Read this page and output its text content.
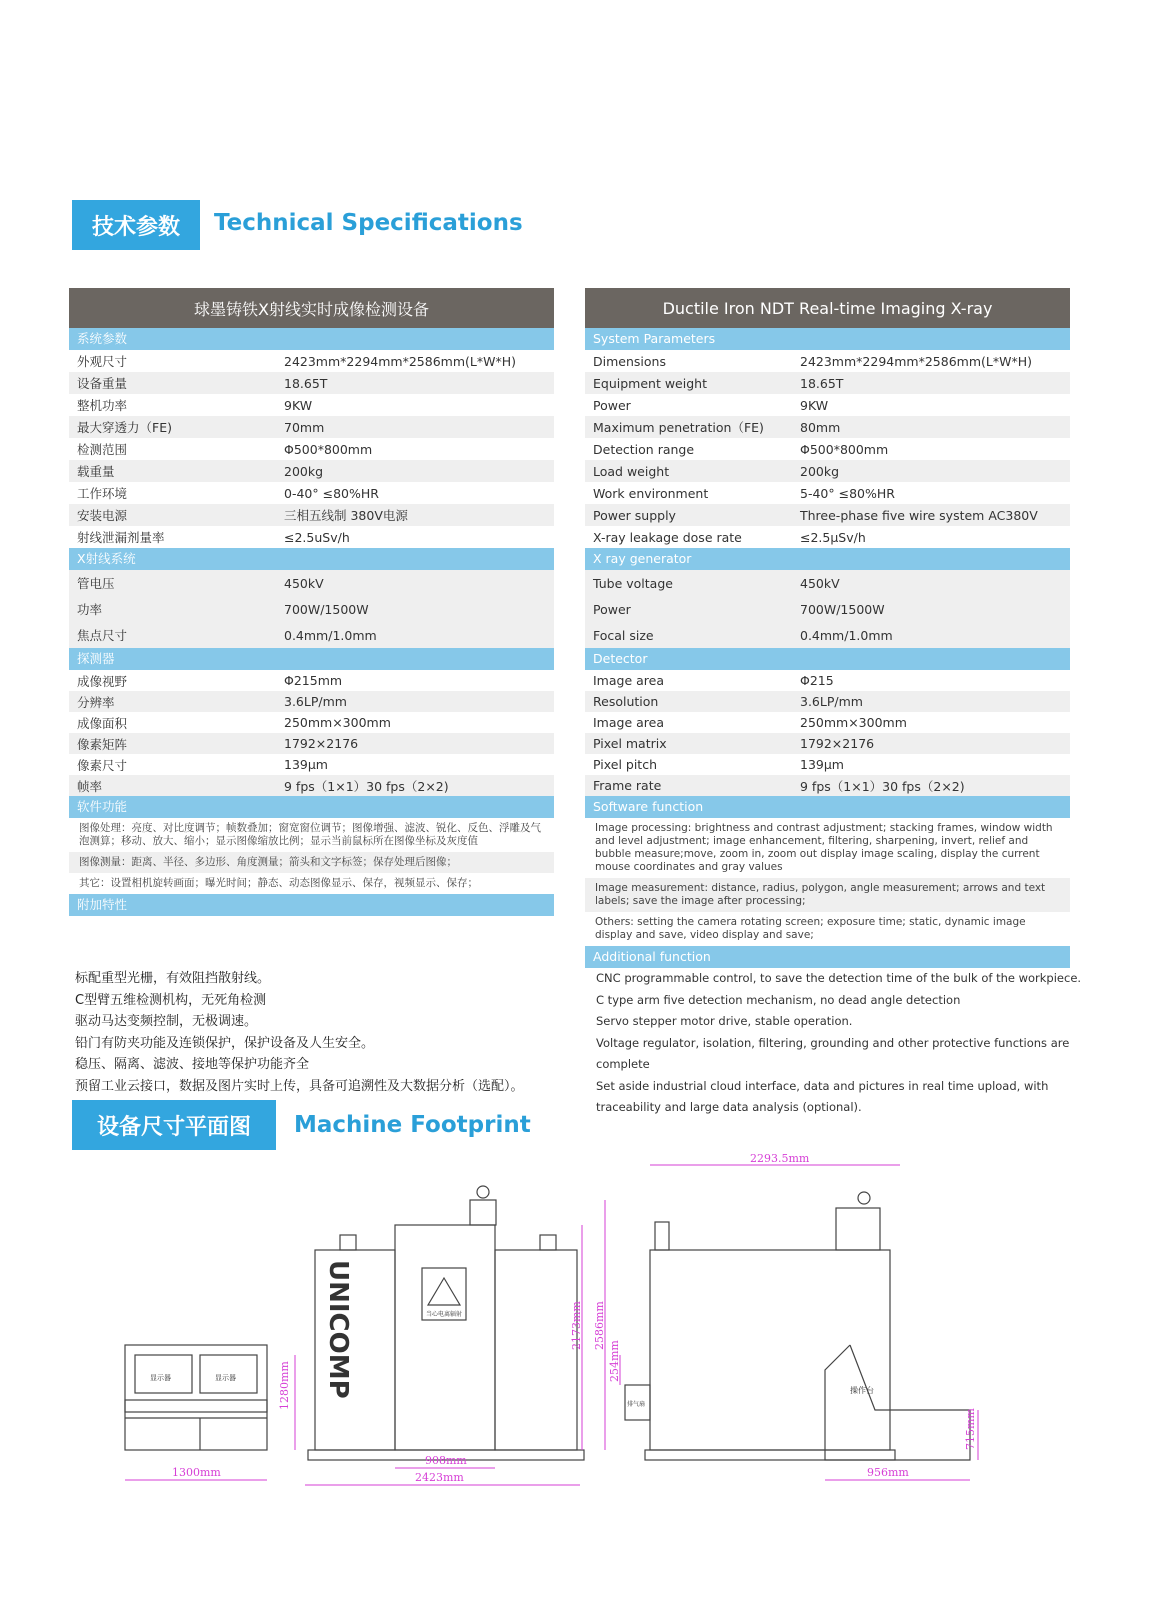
技术参数	Technical Specifications
球墨铸铁X射线实时成像检测设备
系统参数
外观尺寸	2423mm*2294mm*2586mm(L*W*H)
设备重量	18.65T
整机功率	9KW
最大穿透力（FE)	70mm
检测范围	Φ500*800mm
载重量	200kg
工作环境	0-40° ≤80%HR
安装电源	三相五线制 380V电源
射线泄漏剂量率	≤2.5uSv/h
X射线系统
管电压	450kV
功率	700W/1500W
焦点尺寸	0.4mm/1.0mm
探测器
成像视野	Φ215mm
分辨率	3.6LP/mm
成像面积	250mm×300mm
像素矩阵	1792×2176
像素尺寸	139μm
帧率	9 fps（1×1）30 fps（2×2)
软件功能
图像处理：亮度、对比度调节；帧数叠加；窗宽窗位调节；图像增强、滤波、锐化、反色、浮雕及气泡测算；移动、放大、缩小；显示图像缩放比例；显示当前鼠标所在图像坐标及灰度值
图像测量：距离、半径、多边形、角度测量；箭头和文字标签；保存处理后图像；
其它：设置相机旋转画面；曝光时间；静态、动态图像显示、保存，视频显示、保存；
附加特性
Ductile Iron NDT Real-time Imaging X-ray
System Parameters
Dimensions	2423mm*2294mm*2586mm(L*W*H)
Equipment weight	18.65T
Power	9KW
Maximum penetration（FE)	80mm
Detection range	Φ500*800mm
Load weight	200kg
Work environment	5-40° ≤80%HR
Power supply	Three-phase five wire system AC380V
X-ray leakage dose rate	≤2.5μSv/h
X ray generator
Tube voltage	450kV
Power	700W/1500W
Focal size	0.4mm/1.0mm
Detector
Image area	Φ215
Resolution	3.6LP/mm
Image area	250mm×300mm
Pixel matrix	1792×2176
Pixel pitch	139μm
Frame rate	9 fps（1×1）30 fps（2×2)
Software function
Image processing: brightness and contrast adjustment; stacking frames, window width and level adjustment; image enhancement, filtering, sharpening, invert, relief and bubble measure;move, zoom in, zoom out display image scaling, display the current mouse coordinates and gray values
Image measurement: distance, radius, polygon, angle measurement; arrows and text labels; save the image after processing;
Others: setting the camera rotating screen; exposure time; static, dynamic image display and save, video display and save;
Additional function
标配重型光栅，有效阻挡散射线。
C型臂五维检测机构，无死角检测
驱动马达变频控制，无极调速。
铅门有防夹功能及连锁保护，保护设备及人生安全。
稳压、隔离、滤波、接地等保护功能齐全
预留工业云接口，数据及图片实时上传，具备可追溯性及大数据分析（选配）。
CNC programmable control, to save the detection time of the bulk of the workpiece.
C type arm five detection mechanism, no dead angle detection
Servo stepper motor drive, stable operation.
Voltage regulator, isolation, filtering, grounding and other protective functions are complete
Set aside industrial cloud interface, data and pictures in real time upload, with traceability and large data analysis (optional).
设备尺寸平面图	Machine Footprint
1300mm
1280mm
908mm
2423mm
2173mm 2586mm
2293.5mm
254mm
715mm
956mm
UNICOMP
显示器	显示器
当心电离辐射
排气扇
操作台
